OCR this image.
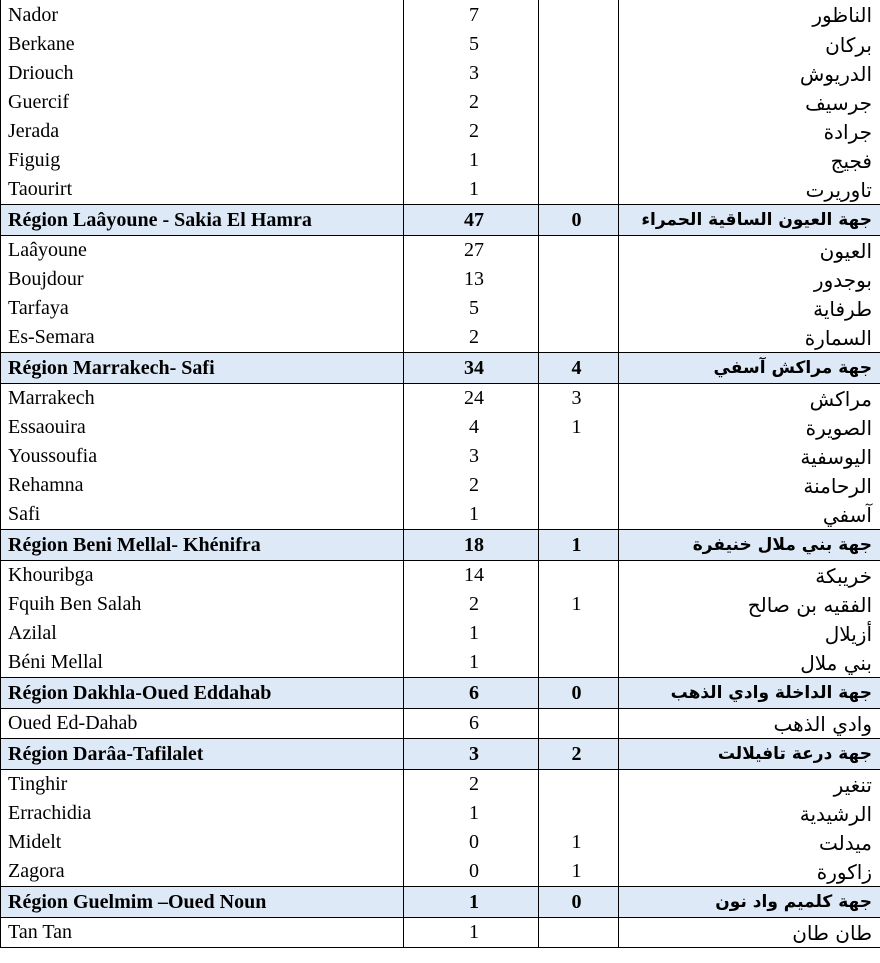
Nador	7		الناظور
Berkane	5		بركان
Driouch	3		الدريوش
Guercif	2		جرسيف
Jerada	2		جرادة
Figuig	1		فجيج
Taourirt	1		تاوريرت
Région Laâyoune - Sakia El Hamra	47	0	جهة العيون الساقية الحمراء
Laâyoune	27		العيون
Boujdour	13		بوجدور
Tarfaya	5		طرفاية
Es-Semara	2		السمارة
Région Marrakech- Safi	34	4	جهة مراكش آسفي
Marrakech	24	3	مراكش
Essaouira	4	1	الصويرة
Youssoufia	3		اليوسفية
Rehamna	2		الرحامنة
Safi	1		آسفي
Région Beni Mellal- Khénifra	18	1	جهة بني ملال خنيفرة
Khouribga	14		خريبكة
Fquih Ben Salah	2	1	الفقيه بن صالح
Azilal	1		أزيلال
Béni Mellal	1		بني ملال
Région Dakhla-Oued Eddahab	6	0	جهة الداخلة وادي الذهب
Oued Ed-Dahab	6		وادي الذهب
Région Darâa-Tafilalet	3	2	جهة درعة تافيلالت
Tinghir	2		تنغير
Errachidia	1		الرشيدية
Midelt	0	1	ميدلت
Zagora	0	1	زاكورة
Région Guelmim –Oued Noun	1	0	جهة كلميم واد نون
Tan Tan	1		طان طان
